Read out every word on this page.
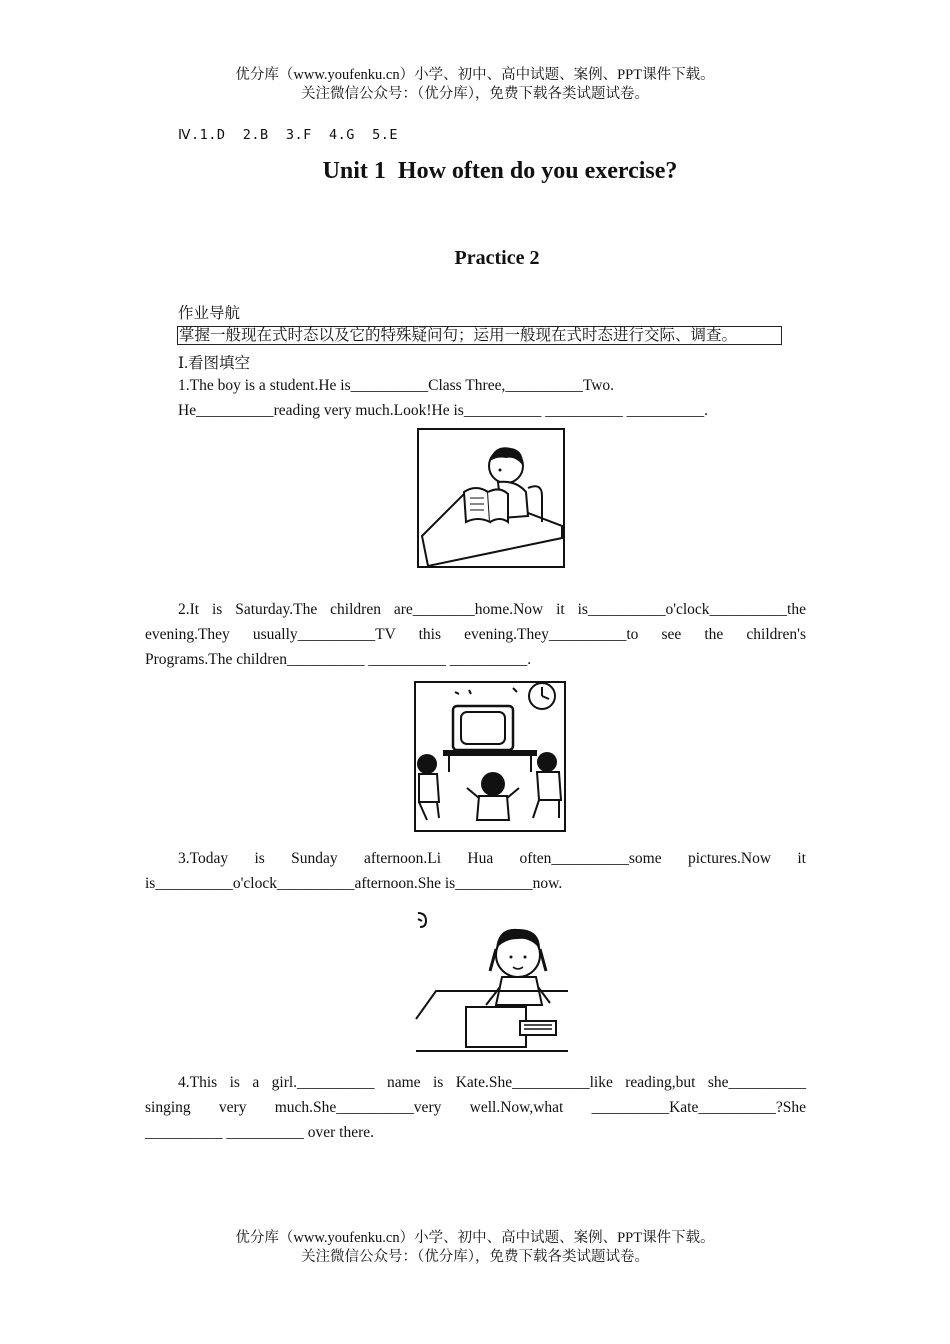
优分库（www.youfenku.cn）小学、初中、高中试题、案例、PPT课件下载。
关注微信公众号：（优分库），免费下载各类试题试卷。
Ⅳ.1.D  2.B  3.F  4.G  5.E
Unit 1  How often do you exercise?
Practice 2
作业导航
掌握一般现在式时态以及它的特殊疑问句；运用一般现在式时态进行交际、调查。
Ⅰ.看图填空
1.The boy is a student.He is__________Class Three,__________Two.
He__________reading very much.Look!He is__________ __________ __________.
2.It is Saturday.The children are________home.Now it is__________o'clock__________the
evening.They usually__________TV this evening.They__________to see the children's
Programs.The children__________ __________ __________.
3.Today is Sunday afternoon.Li Hua often__________some pictures.Now it
is__________o'clock__________afternoon.She is__________now.
4.This is a girl.__________ name is Kate.She__________like reading,but she__________
singing very much.She__________very well.Now,what __________Kate__________?She
__________ __________ over there.
优分库（www.youfenku.cn）小学、初中、高中试题、案例、PPT课件下载。
关注微信公众号：（优分库），免费下载各类试题试卷。
